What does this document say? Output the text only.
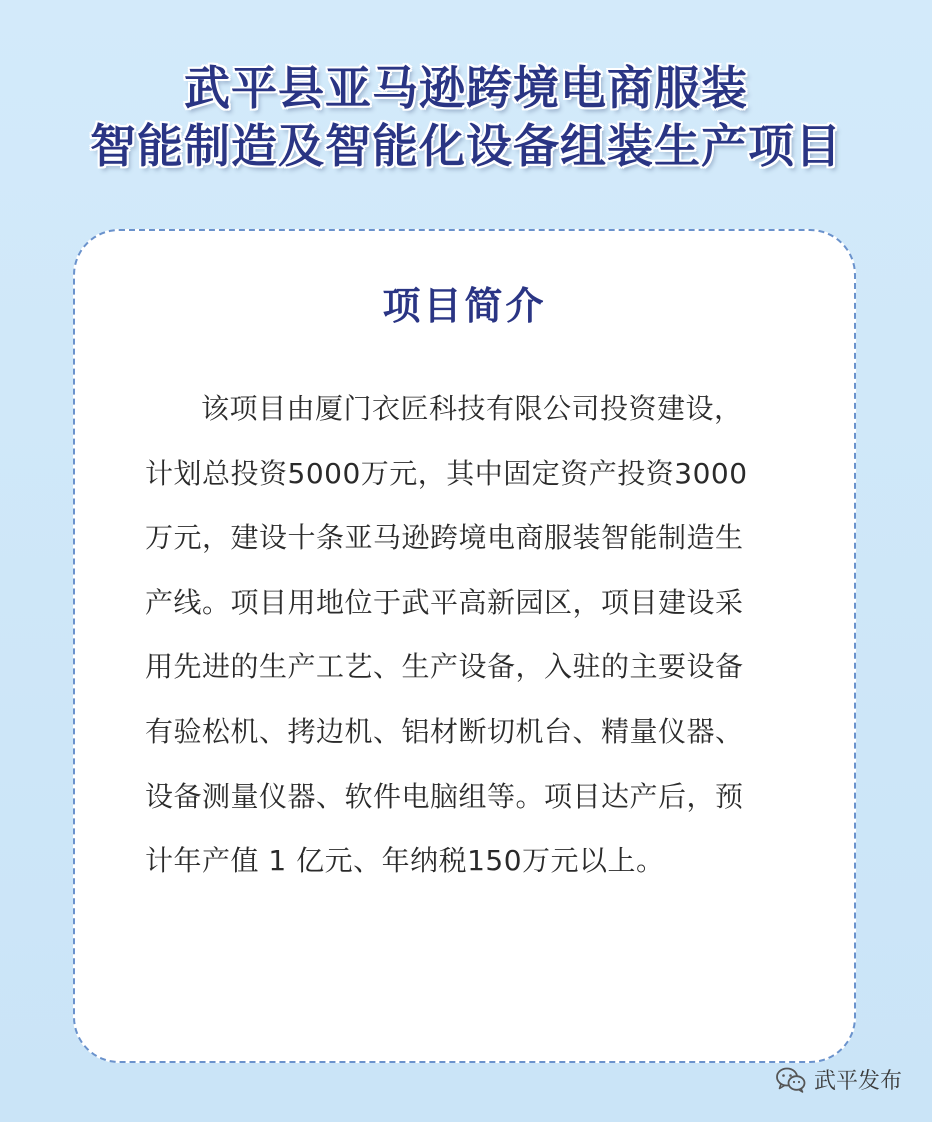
武平县亚马逊跨境电商服装
智能制造及智能化设备组装生产项目
项目简介
该项目由厦门衣匠科技有限公司投资建设，
计划总投资5000万元，其中固定资产投资3000
万元，建设十条亚马逊跨境电商服装智能制造生
产线。项目用地位于武平高新园区，项目建设采
用先进的生产工艺、生产设备，入驻的主要设备
有验松机、拷边机、铝材断切机台、精量仪器、
设备测量仪器、软件电脑组等。项目达产后，预
计年产值 1 亿元、年纳税150万元以上。
武平发布
